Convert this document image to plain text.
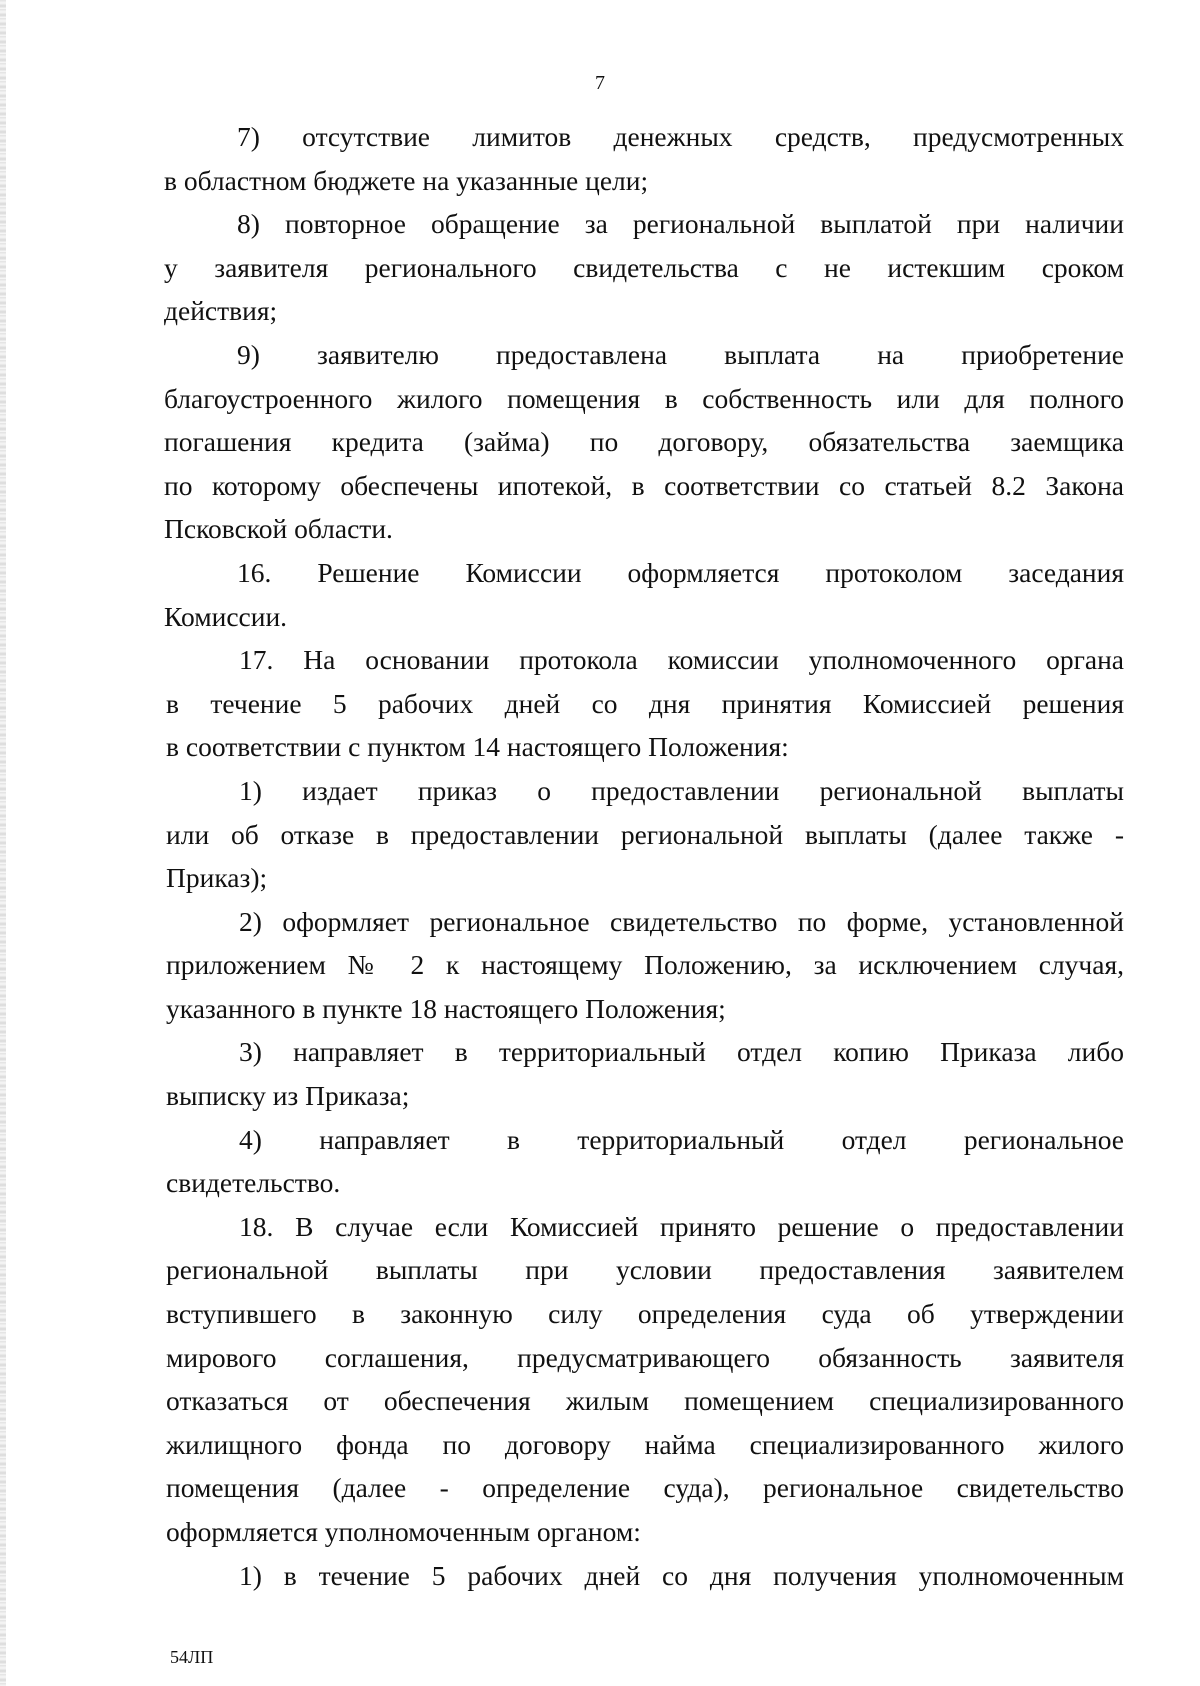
7
7) отсутствие лимитов денежных средств, предусмотренных
в областном бюджете на указанные цели;
8) повторное обращение за региональной выплатой при наличии
у заявителя регионального свидетельства с не истекшим сроком
действия;
9) заявителю предоставлена выплата на приобретение
благоустроенного жилого помещения в собственность или для полного
погашения кредита (займа) по договору, обязательства заемщика
по которому обеспечены ипотекой, в соответствии со статьей 8.2 Закона
Псковской области.
16. Решение Комиссии оформляется протоколом заседания
Комиссии.
17. На основании протокола комиссии уполномоченного органа
в течение 5 рабочих дней со дня принятия Комиссией решения
в соответствии с пунктом 14 настоящего Положения:
1) издает приказ о предоставлении региональной выплаты
или об отказе в предоставлении региональной выплаты (далее также -
Приказ);
2) оформляет региональное свидетельство по форме, установленной
приложением № 2 к настоящему Положению, за исключением случая,
указанного в пункте 18 настоящего Положения;
3) направляет в территориальный отдел копию Приказа либо
выписку из Приказа;
4) направляет в территориальный отдел региональное
свидетельство.
18. В случае если Комиссией принято решение о предоставлении
региональной выплаты при условии предоставления заявителем
вступившего в законную силу определения суда об утверждении
мирового соглашения, предусматривающего обязанность заявителя
отказаться от обеспечения жилым помещением специализированного
жилищного фонда по договору найма специализированного жилого
помещения (далее - определение суда), региональное свидетельство
оформляется уполномоченным органом:
1) в течение 5 рабочих дней со дня получения уполномоченным
54ЛП
